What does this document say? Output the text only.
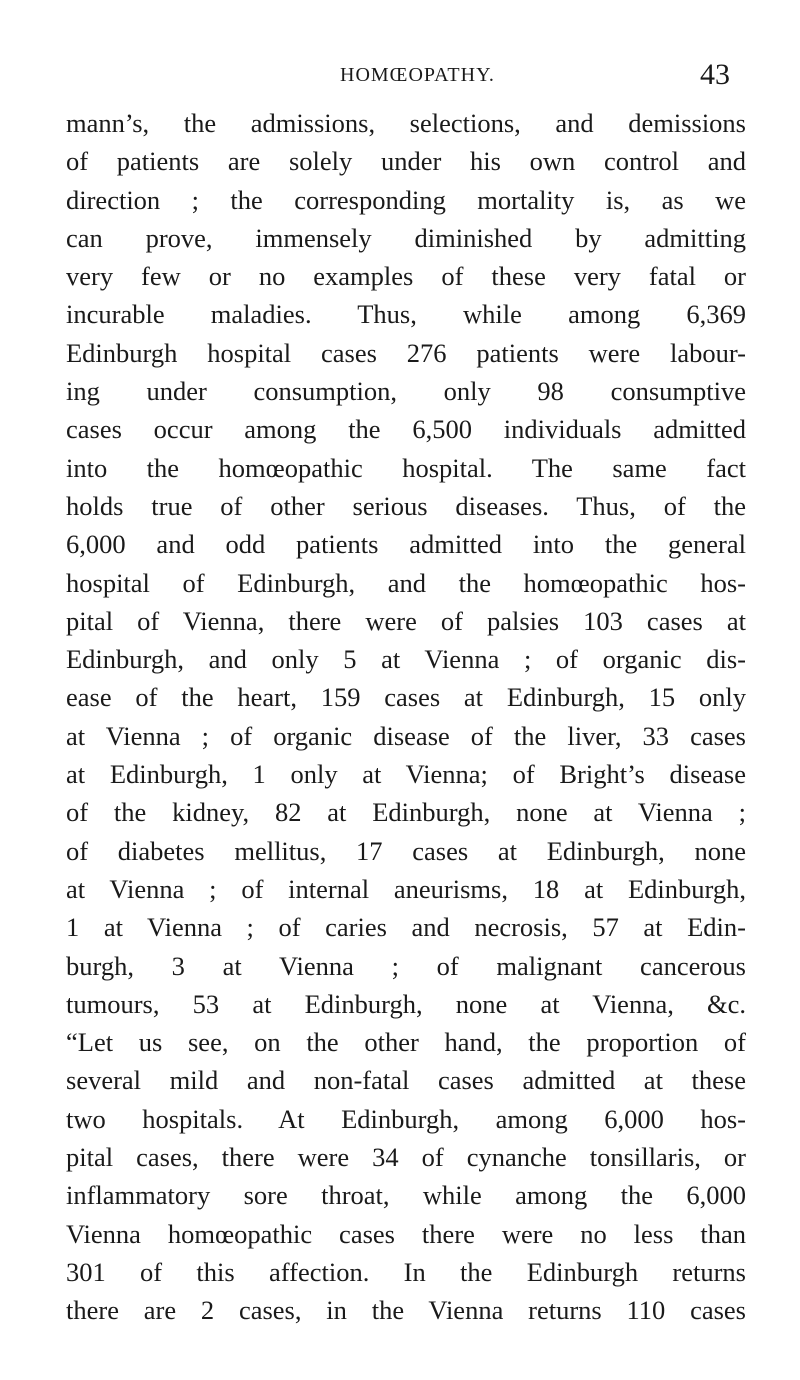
HOMŒOPATHY.	43
mann’s, the admissions, selections, and demissions
of patients are solely under his own control and
direction ; the corresponding mortality is, as we
can prove, immensely diminished by admitting
very few or no examples of these very fatal or
incurable maladies. Thus, while among 6,369
Edinburgh hospital cases 276 patients were labour-
ing under consumption, only 98 consumptive
cases occur among the 6,500 individuals admitted
into the homœopathic hospital. The same fact
holds true of other serious diseases. Thus, of the
6,000 and odd patients admitted into the general
hospital of Edinburgh, and the homœopathic hos-
pital of Vienna, there were of palsies 103 cases at
Edinburgh, and only 5 at Vienna ; of organic dis-
ease of the heart, 159 cases at Edinburgh, 15 only
at Vienna ; of organic disease of the liver, 33 cases
at Edinburgh, 1 only at Vienna; of Bright’s disease
of the kidney, 82 at Edinburgh, none at Vienna ;
of diabetes mellitus, 17 cases at Edinburgh, none
at Vienna ; of internal aneurisms, 18 at Edinburgh,
1 at Vienna ; of caries and necrosis, 57 at Edin-
burgh, 3 at Vienna ; of malignant cancerous
tumours, 53 at Edinburgh, none at Vienna, &c.
“Let us see, on the other hand, the proportion of
several mild and non-fatal cases admitted at these
two hospitals. At Edinburgh, among 6,000 hos-
pital cases, there were 34 of cynanche tonsillaris, or
inflammatory sore throat, while among the 6,000
Vienna homœopathic cases there were no less than
301 of this affection. In the Edinburgh returns
there are 2 cases, in the Vienna returns 110 cases
